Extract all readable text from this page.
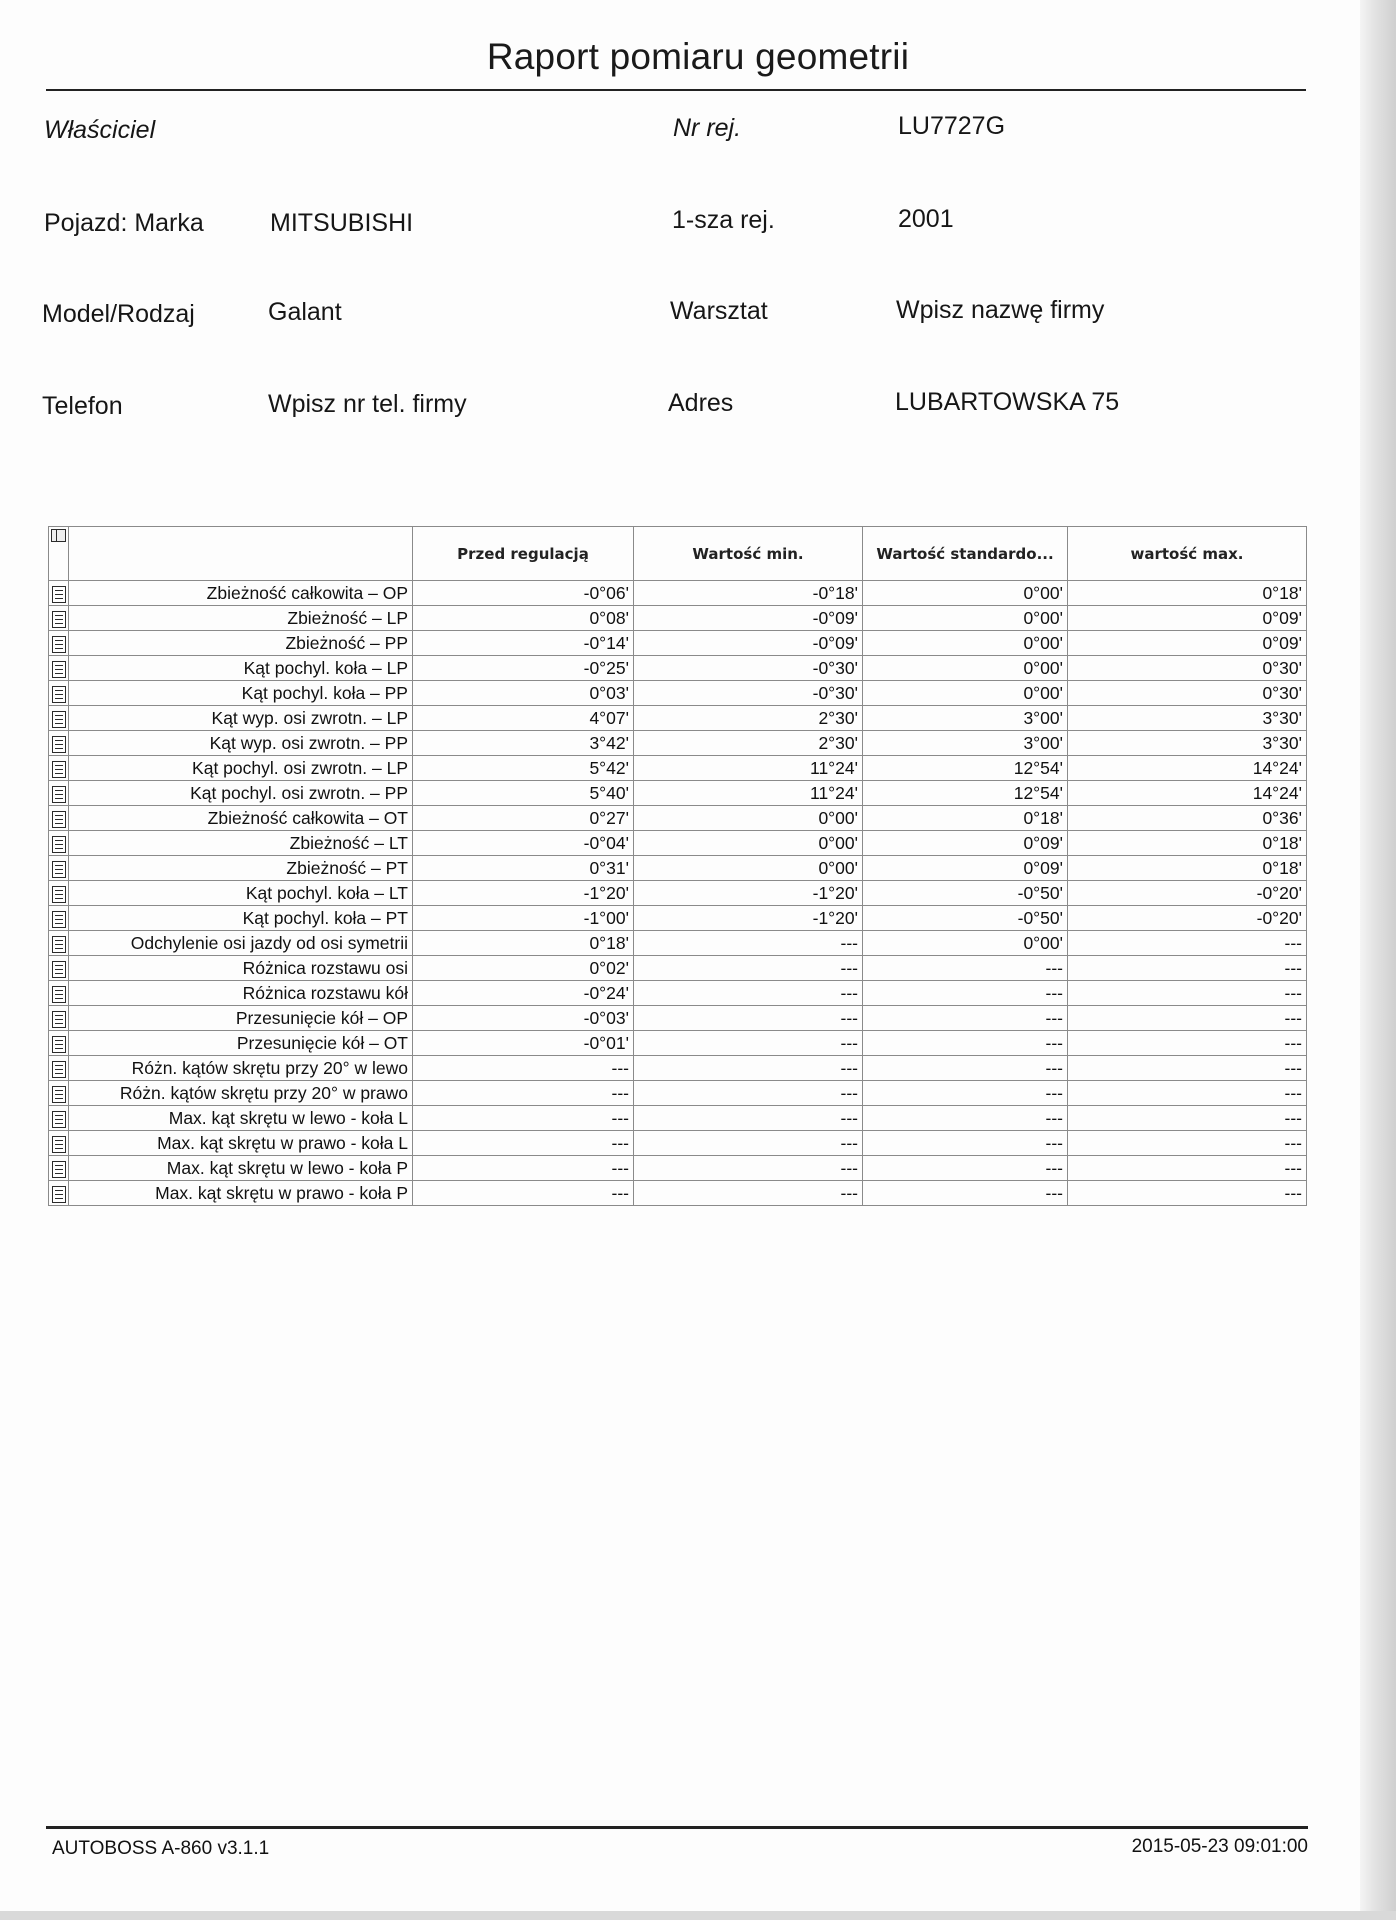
Raport pomiaru geometrii
Właściciel	Nr rej.	LU7727G
Pojazd: Marka	MITSUBISHI	1-sza rej.	2001
Model/Rodzaj	Galant	Warsztat	Wpisz nazwę firmy
Telefon	Wpisz nr tel. firmy	Adres	LUBARTOWSKA 75
		Przed regulacją	Wartość min.	Wartość standardo...	wartość max.
	Zbieżność całkowita – OP	-0°06'	-0°18'	0°00'	0°18'
	Zbieżność – LP	0°08'	-0°09'	0°00'	0°09'
	Zbieżność – PP	-0°14'	-0°09'	0°00'	0°09'
	Kąt pochyl. koła – LP	-0°25'	-0°30'	0°00'	0°30'
	Kąt pochyl. koła – PP	0°03'	-0°30'	0°00'	0°30'
	Kąt wyp. osi zwrotn. – LP	4°07'	2°30'	3°00'	3°30'
	Kąt wyp. osi zwrotn. – PP	3°42'	2°30'	3°00'	3°30'
	Kąt pochyl. osi zwrotn. – LP	5°42'	11°24'	12°54'	14°24'
	Kąt pochyl. osi zwrotn. – PP	5°40'	11°24'	12°54'	14°24'
	Zbieżność całkowita – OT	0°27'	0°00'	0°18'	0°36'
	Zbieżność – LT	-0°04'	0°00'	0°09'	0°18'
	Zbieżność – PT	0°31'	0°00'	0°09'	0°18'
	Kąt pochyl. koła – LT	-1°20'	-1°20'	-0°50'	-0°20'
	Kąt pochyl. koła – PT	-1°00'	-1°20'	-0°50'	-0°20'
	Odchylenie osi jazdy od osi symetrii	0°18'	---	0°00'	---
	Różnica rozstawu osi	0°02'	---	---	---
	Różnica rozstawu kół	-0°24'	---	---	---
	Przesunięcie kół – OP	-0°03'	---	---	---
	Przesunięcie kół – OT	-0°01'	---	---	---
	Różn. kątów skrętu przy 20° w lewo	---	---	---	---
	Różn. kątów skrętu przy 20° w prawo	---	---	---	---
	Max. kąt skrętu w lewo - koła L	---	---	---	---
	Max. kąt skrętu w prawo - koła L	---	---	---	---
	Max. kąt skrętu w lewo - koła P	---	---	---	---
	Max. kąt skrętu w prawo - koła P	---	---	---	---
AUTOBOSS A-860 v3.1.1	2015-05-23 09:01:00
